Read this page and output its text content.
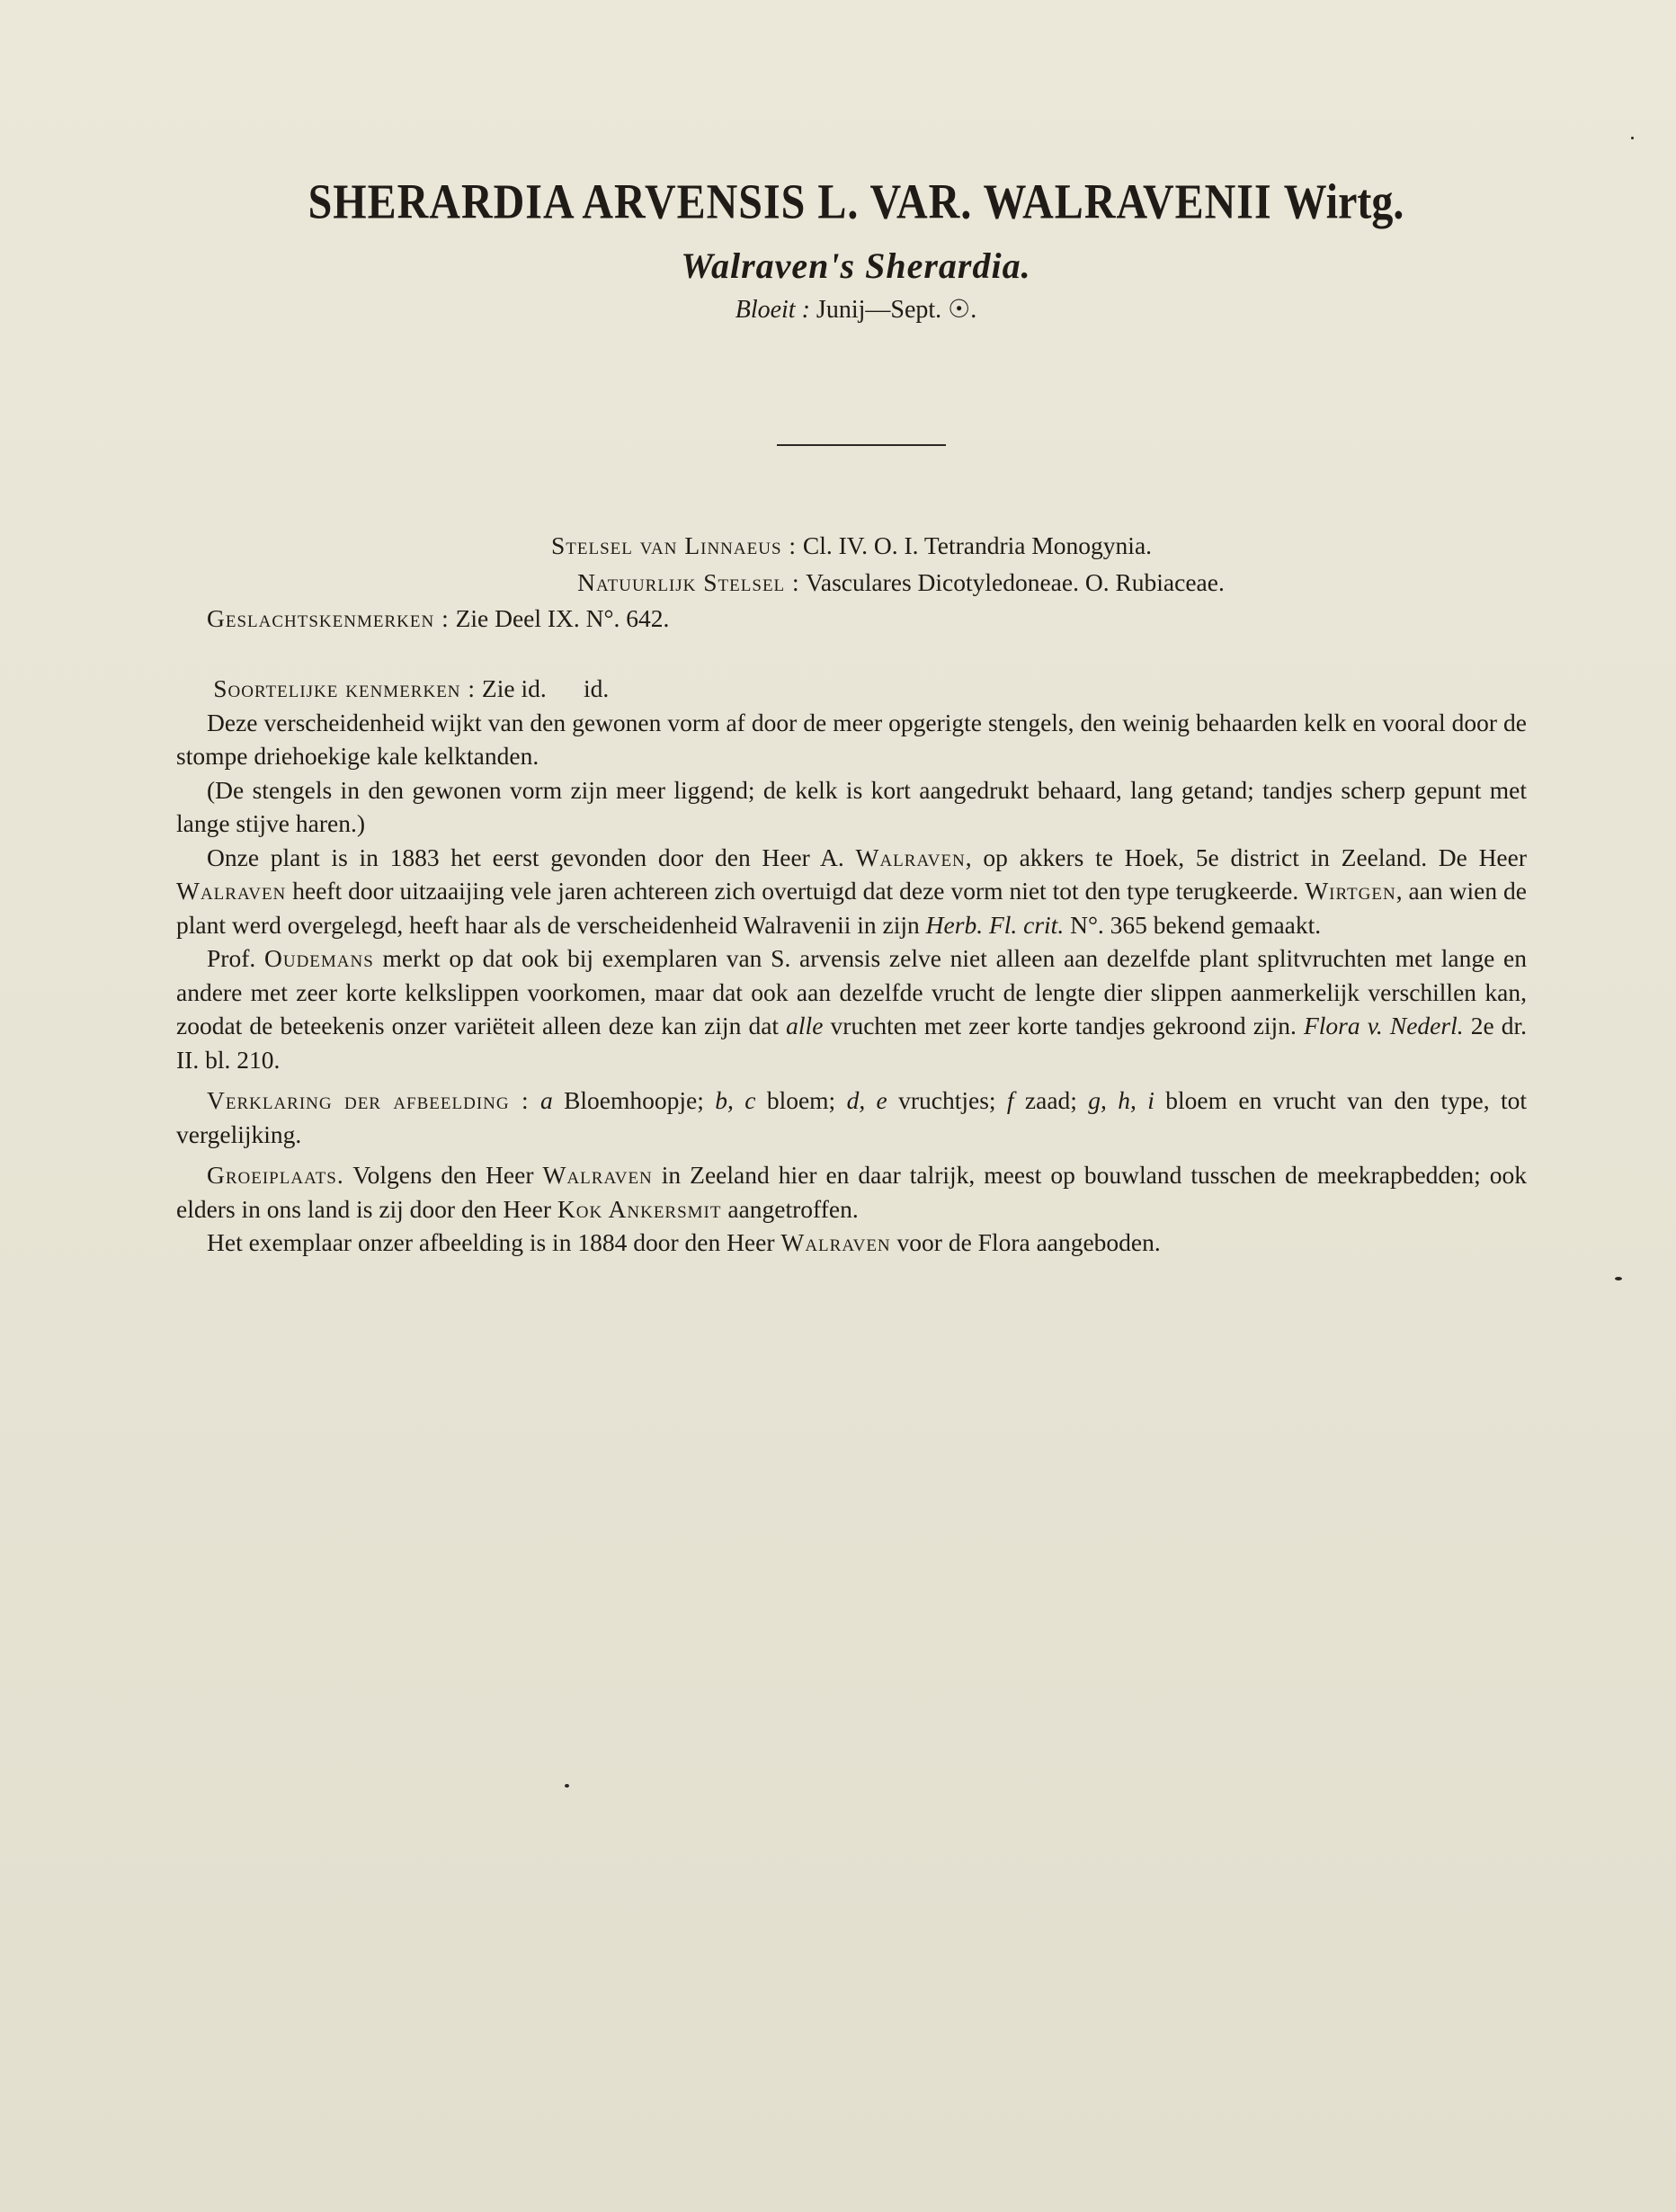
SHERARDIA ARVENSIS L. VAR. WALRAVENII Wirtg.
Walraven's Sherardia.
Bloeit : Junij—Sept. ☉.

Stelsel van Linnaeus : Cl. IV. O. I. Tetrandria Monogynia.

Natuurlijk Stelsel : Vasculares Dicotyledoneae. O. Rubiaceae.

Geslachtskenmerken : Zie Deel IX. N°. 642.

Soortelijke kenmerken : Zie id.      id.

Deze verscheidenheid wijkt van den gewonen vorm af door de meer opgerigte stengels, den weinig behaarden kelk en vooral door de stompe driehoekige kale kelktanden.

(De stengels in den gewonen vorm zijn meer liggend; de kelk is kort aangedrukt behaard, lang getand; tandjes scherp gepunt met lange stijve haren.)

Onze plant is in 1883 het eerst gevonden door den Heer A. Walraven, op akkers te Hoek, 5e district in Zeeland. De Heer Walraven heeft door uitzaaijing vele jaren achtereen zich overtuigd dat deze vorm niet tot den type terugkeerde. Wirtgen, aan wien de plant werd overgelegd, heeft haar als de verscheidenheid Walravenii in zijn Herb. Fl. crit. N°. 365 bekend gemaakt.

Prof. Oudemans merkt op dat ook bij exemplaren van S. arvensis zelve niet alleen aan dezelfde plant splitvruchten met lange en andere met zeer korte kelkslippen voorkomen, maar dat ook aan dezelfde vrucht de lengte dier slippen aanmerkelijk verschillen kan, zoodat de beteekenis onzer variëteit alleen deze kan zijn dat alle vruchten met zeer korte tandjes gekroond zijn. Flora v. Nederl. 2e dr. II. bl. 210.

Verklaring der afbeelding : a Bloemhoopje; b, c bloem; d, e vruchtjes; f zaad; g, h, i bloem en vrucht van den type, tot vergelijking.

Groeiplaats. Volgens den Heer Walraven in Zeeland hier en daar talrijk, meest op bouwland tusschen de meekrapbedden; ook elders in ons land is zij door den Heer Kok Ankersmit aangetroffen.

Het exemplaar onzer afbeelding is in 1884 door den Heer Walraven voor de Flora aangeboden.
